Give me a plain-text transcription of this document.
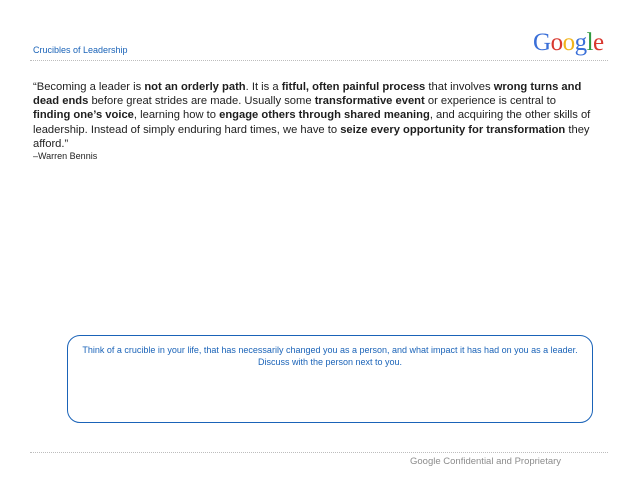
Crucibles of Leadership	Google
“Becoming a leader is not an orderly path. It is a fitful, often painful process that involves wrong turns and dead ends before great strides are made. Usually some transformative event or experience is central to finding one’s voice, learning how to engage others through shared meaning, and acquiring the other skills of leadership. Instead of simply enduring hard times, we have to seize every opportunity for transformation they afford.”
–Warren Bennis
Think of a crucible in your life, that has necessarily changed you as a person, and what impact it has had on you as a leader. Discuss with the person next to you.
Google Confidential and Proprietary
